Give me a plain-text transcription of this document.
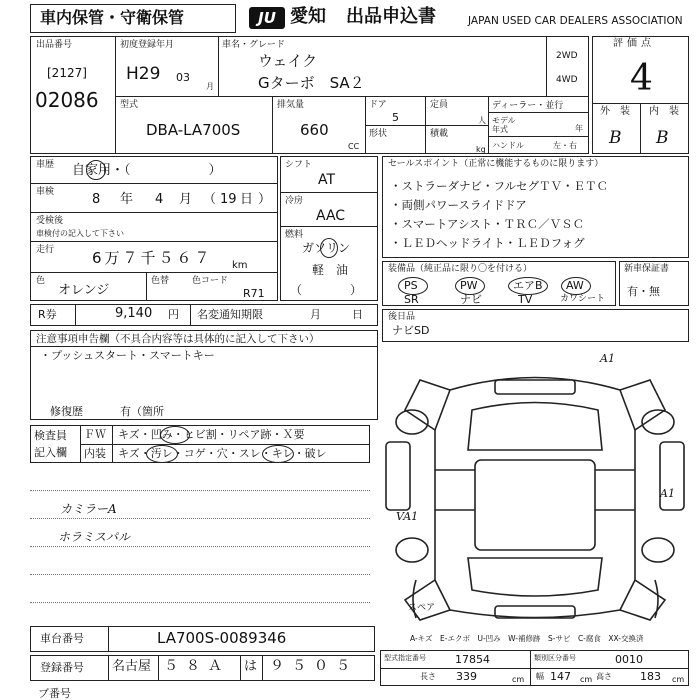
車内保管・守衛保管	JU 愛知 出品申込書	JAPAN USED CAR DEALERS ASSOCIATION
出品番号
[2127]
02086
初度登録年月
H29 03
月
車名・グレード
ウェイク
Gターボ　SA２
2WD
4WD
型式
DBA-LA700S
排気量
660
CC
ドア
5
定員
人
形状	積載
kg
ディーラー・並行
モデル
年式	年
ハンドル	左・右
評価点
4
外　装 内　装
B B
車歴 自家用・（　　　　　　）
車検	8 年 4 月 （ 19 日 ）
受検後
車検付の記入して下さい
走行	6万７千５６７ km
色
オレンジ
色替	色コード
R71
シフト
AT
冷房
AAC
燃料
ガソリン
軽　油
（　　　　）
セールスポイント（正常に機能するものに限ります）
・ストラーダナビ・フルセグＴＶ・ＥＴＣ
・両側パワースライドドア
・スマートアシスト・ＴＲＣ／ＶＳＣ
・ＬＥＤヘッドライト・ＬＥＤフォグ
装備品（純正品に限り〇を付ける）
PS	PW	エアB AW
SR	ナビ	TV	カワシート
新車保証書
有・無
R券	9,140 円 名変通知期限	月	日	後日品
ナビSD
注意事項申告欄（不具合内容等は具体的に記入して下さい）
・プッシュスタート・スマートキー
修復歴	有（箇所
検査員
記入欄
ＦＷ キズ・凹み・ヒビ割・リペア跡・Ｘ要
内装 キズ・汚レ・コゲ・穴・スレ・キレ・破レ
カミラーA
ホラミスパル
A1
VA1
A1
スペア
A-キズ　E-エクボ　U-凹み　W-補修跡　S-サビ　C-腐食　XX-交換済
車台番号	LA700S-0089346
登録番号 名古屋 ５８Ａ は ９５０５	型式指定番号	17854	類別区分番号	0010
長さ 339	cm 幅 147 cm 高さ	183 cm
ブ番号
